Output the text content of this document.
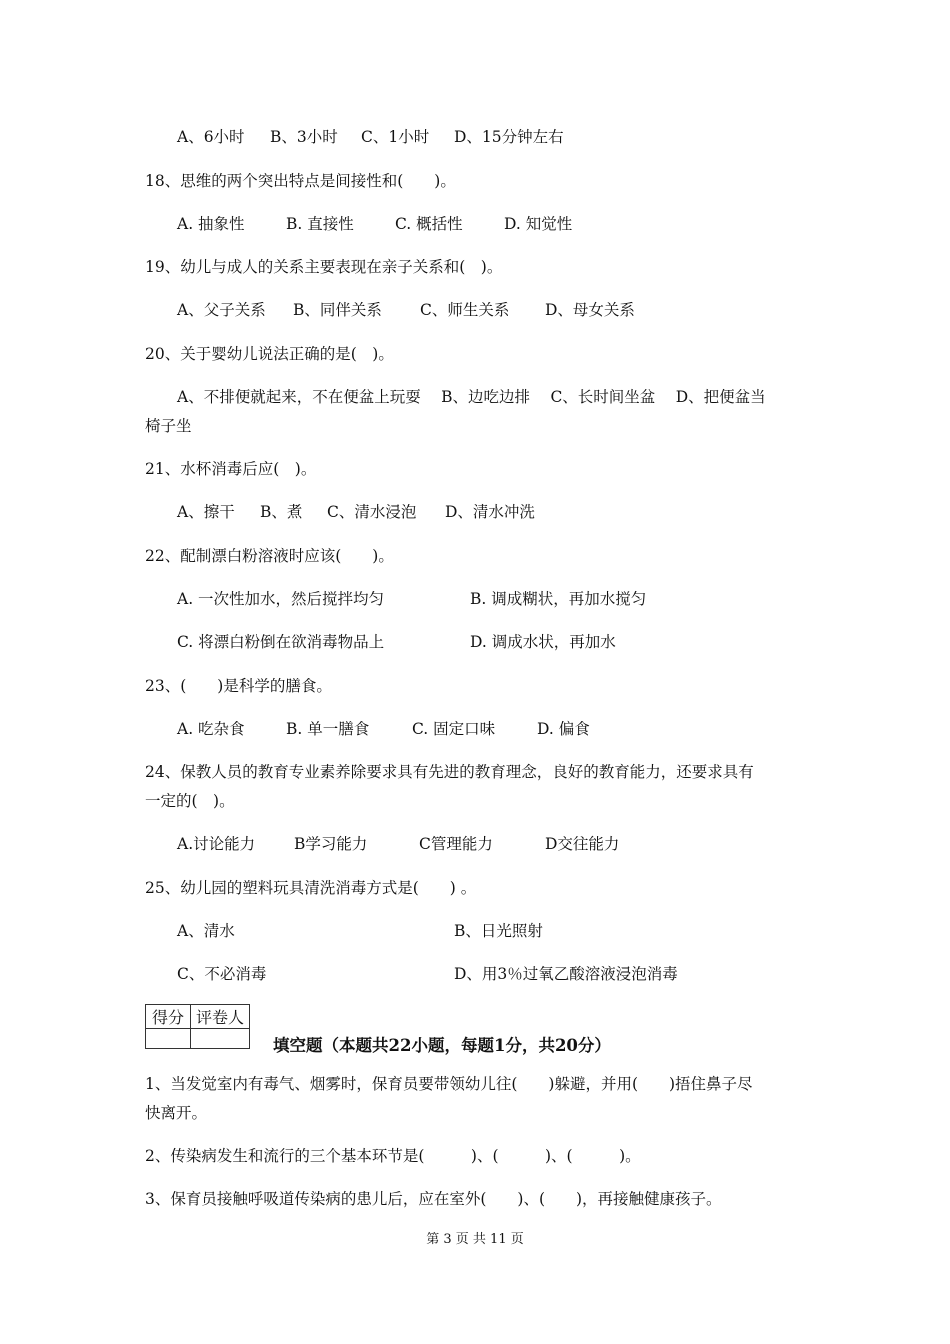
A、6小时 B、3小时 C、1小时 D、15分钟左右
18、思维的两个突出特点是间接性和(　　)。
A. 抽象性	B. 直接性	C. 概括性	D. 知觉性
19、幼儿与成人的关系主要表现在亲子关系和(　)。
A、父子关系 B、同伴关系 C、师生关系 D、母女关系
20、关于婴幼儿说法正确的是(　)。
A、不排便就起来，不在便盆上玩耍　 B、边吃边排　 C、长时间坐盆　 D、把便盆当
椅子坐
21、水杯消毒后应(　)。
A、擦干 B、煮 C、清水浸泡 D、清水冲洗
22、配制漂白粉溶液时应该(　　)。
A. 一次性加水，然后搅拌均匀	B. 调成糊状，再加水搅匀
C. 将漂白粉倒在欲消毒物品上	D. 调成水状，再加水
23、(　　)是科学的膳食。
A. 吃杂食	B. 单一膳食	C. 固定口味	D. 偏食
24、保教人员的教育专业素养除要求具有先进的教育理念，良好的教育能力，还要求具有
一定的(　)。
A.讨论能力	B学习能力	C管理能力	D交往能力
25、幼儿园的塑料玩具清洗消毒方式是(　　) 。
A、清水	B、日光照射
C、不必消毒	D、用3％过氧乙酸溶液浸泡消毒
得分	评卷人

填空题（本题共22小题，每题1分，共20分）
1、当发觉室内有毒气、烟雾时，保育员要带领幼儿往(　　)躲避，并用(　　)捂住鼻子尽
快离开。
2、传染病发生和流行的三个基本环节是(　　　)、(　　　)、(　　　)。
3、保育员接触呼吸道传染病的患儿后，应在室外(　　)、(　　)，再接触健康孩子。
第 3 页 共 11 页
